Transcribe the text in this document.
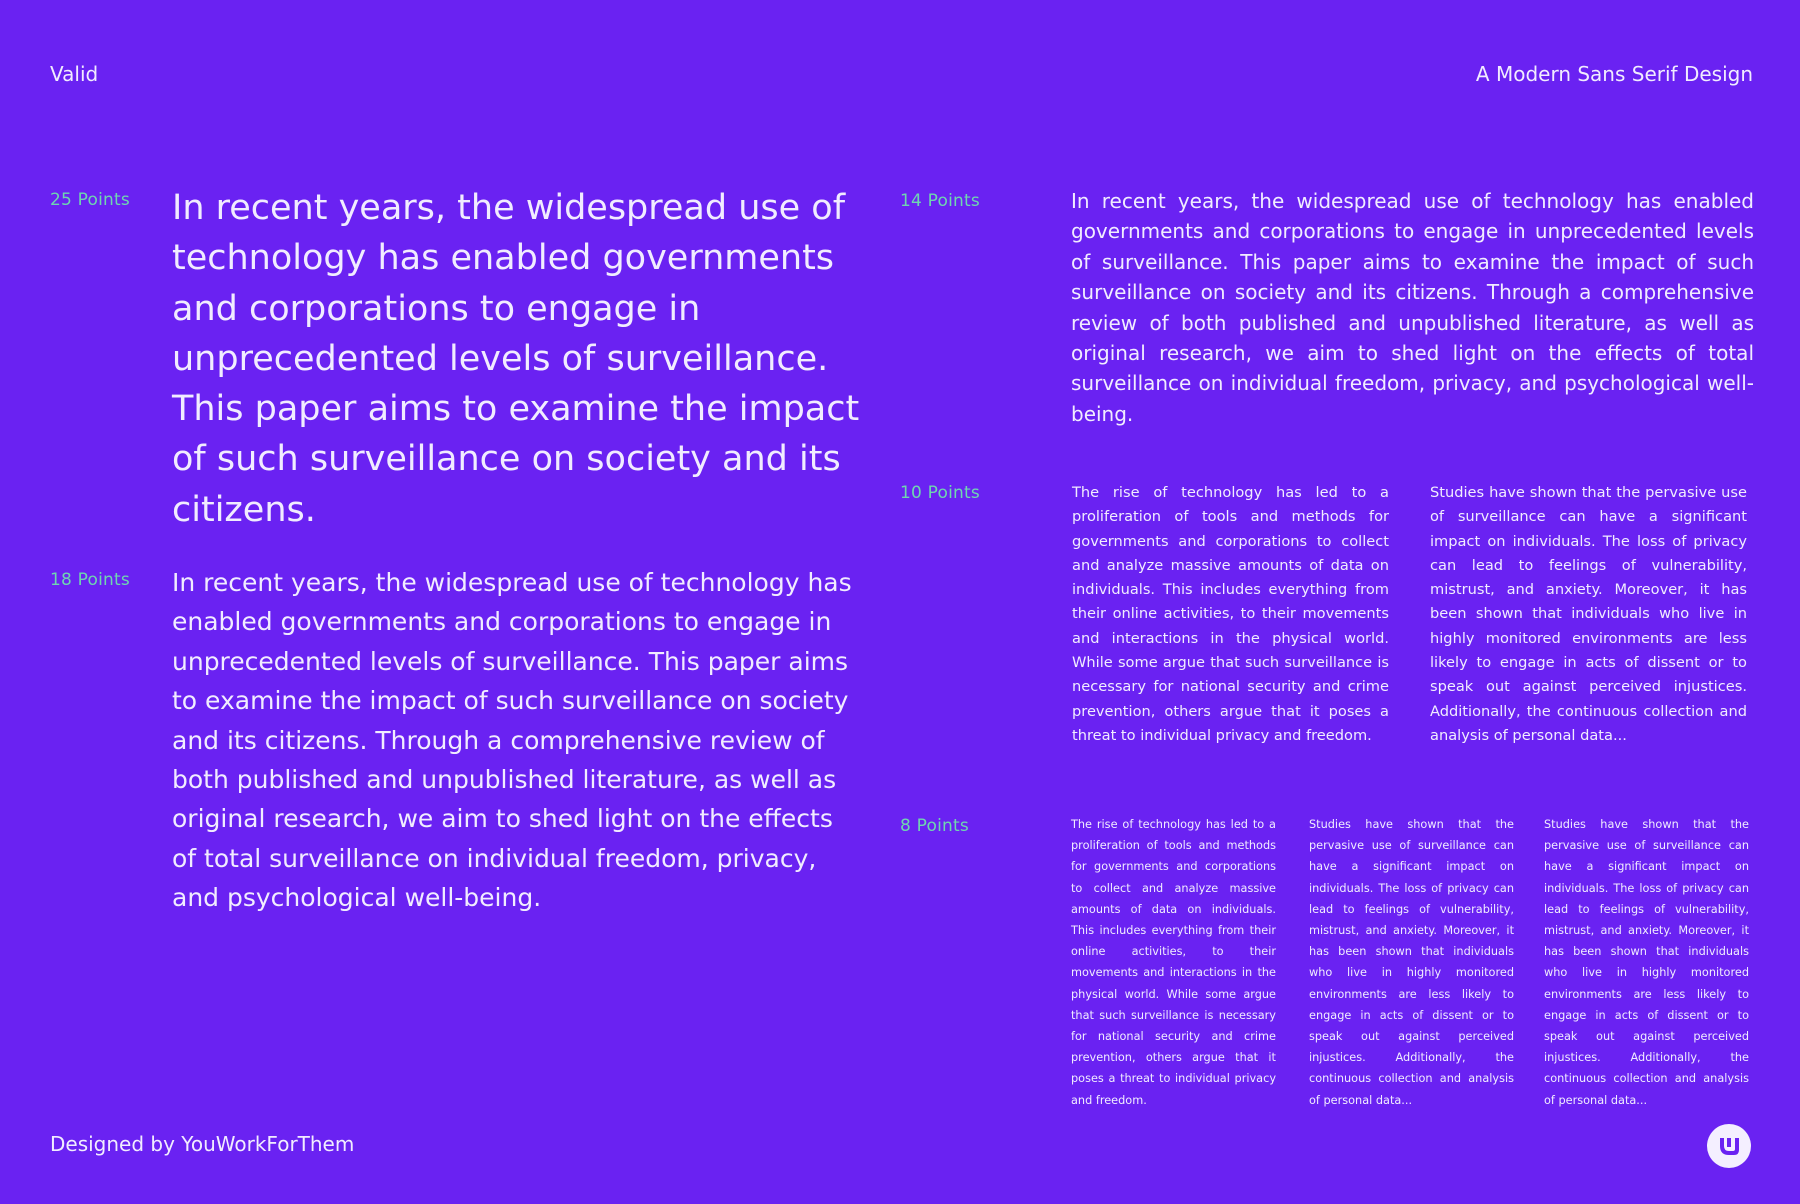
Valid	A Modern Sans Serif Design
25 Points In recent years, the widespread use of technology has enabled governments and corporations to engage in unprecedented levels of surveillance. This paper aims to examine the impact of such surveillance on society and its citizens.

18 Points In recent years, the widespread use of technology has enabled governments and corporations to engage in unprecedented levels of surveillance. This paper aims to examine the impact of such surveillance on society and its citizens. Through a comprehensive review of both published and unpublished literature, as well as original research, we aim to shed light on the effects of total surveillance on individual freedom, privacy, and psychological well-being.

14 Points	In recent years, the widespread use of technology has enabled governments and corporations to engage in unprecedented levels of surveillance. This paper aims to examine the impact of such surveillance on society and its citizens. Through a comprehensive review of both published and unpublished literature, as well as original research, we aim to shed light on the effects of total surveillance on individual freedom, privacy, and psychological well-being.

10 Points	The rise of technology has led to a proliferation of tools and methods for governments and corporations to collect and analyze massive amounts of data on individuals. This includes everything from their online activities, to their movements and interactions in the physical world. While some argue that such surveillance is necessary for national security and crime prevention, others argue that it poses a threat to individual privacy and freedom.

Studies have shown that the pervasive use of surveillance can have a significant impact on individuals. The loss of privacy can lead to feelings of vulnerability, mistrust, and anxiety. Moreover, it has been shown that individuals who live in highly monitored environments are less likely to engage in acts of dissent or to speak out against perceived injustices. Additionally, the continuous collection and analysis of personal data...

8 Points	The rise of technology has led to a proliferation of tools and methods for governments and corporations to collect and analyze massive amounts of data on individuals. This includes everything from their online activities, to their movements and interactions in the physical world. While some argue that such surveillance is necessary for national security and crime prevention, others argue that it poses a threat to individual privacy and freedom.

Studies have shown that the pervasive use of surveillance can have a significant impact on individuals. The loss of privacy can lead to feelings of vulnerability, mistrust, and anxiety. Moreover, it has been shown that individuals who live in highly monitored environments are less likely to engage in acts of dissent or to speak out against perceived injustices. Additionally, the continuous collection and analysis of personal data...

Studies have shown that the pervasive use of surveillance can have a significant impact on individuals. The loss of privacy can lead to feelings of vulnerability, mistrust, and anxiety. Moreover, it has been shown that individuals who live in highly monitored environments are less likely to engage in acts of dissent or to speak out against perceived injustices. Additionally, the continuous collection and analysis of personal data...

Designed by YouWorkForThem
